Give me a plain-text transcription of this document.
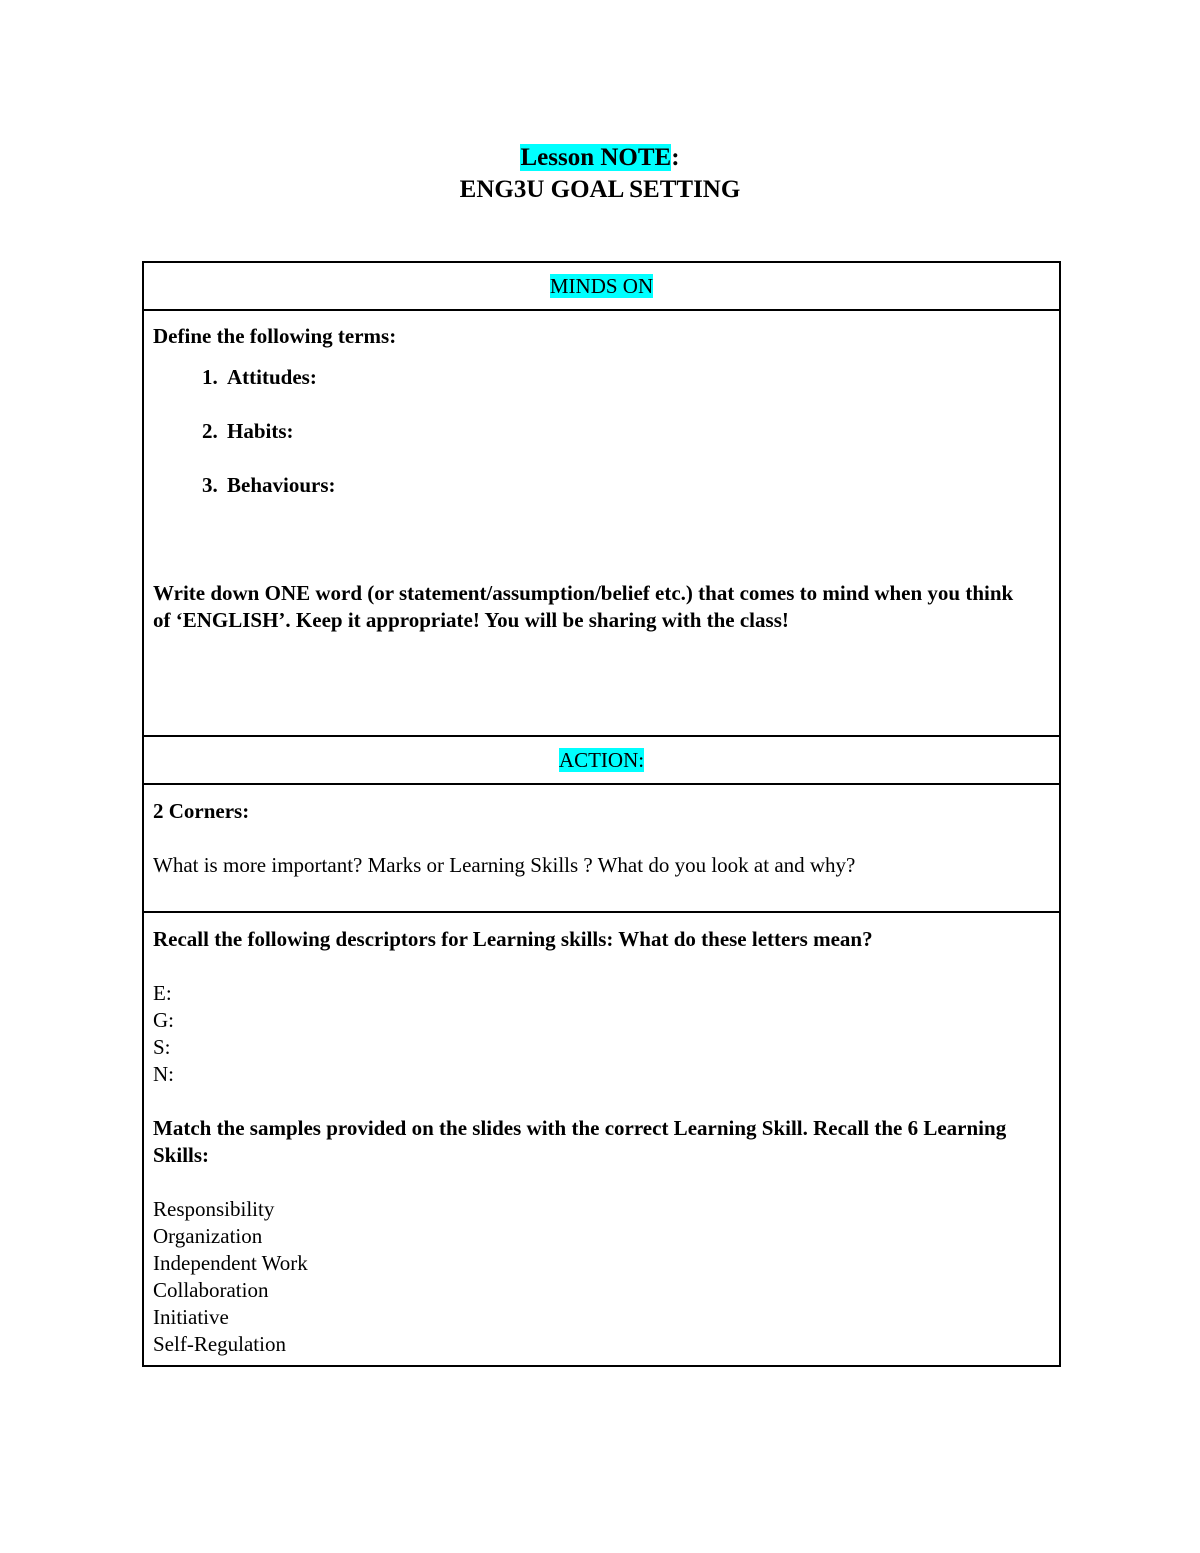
Lesson NOTE:
ENG3U GOAL SETTING
MINDS ON

Define the following terms:
1. Attitudes:
2. Habits:
3. Behaviours:
Write down ONE word (or statement/assumption/belief etc.) that comes to mind when you think of ‘ENGLISH’. Keep it appropriate! You will be sharing with the class!

ACTION:

2 Corners:
What is more important? Marks or Learning Skills ? What do you look at and why?

Recall the following descriptors for Learning skills: What do these letters mean?
E:
G:
S:
N:
Match the samples provided on the slides with the correct Learning Skill. Recall the 6 Learning Skills:
Responsibility
Organization
Independent Work
Collaboration
Initiative
Self-Regulation
